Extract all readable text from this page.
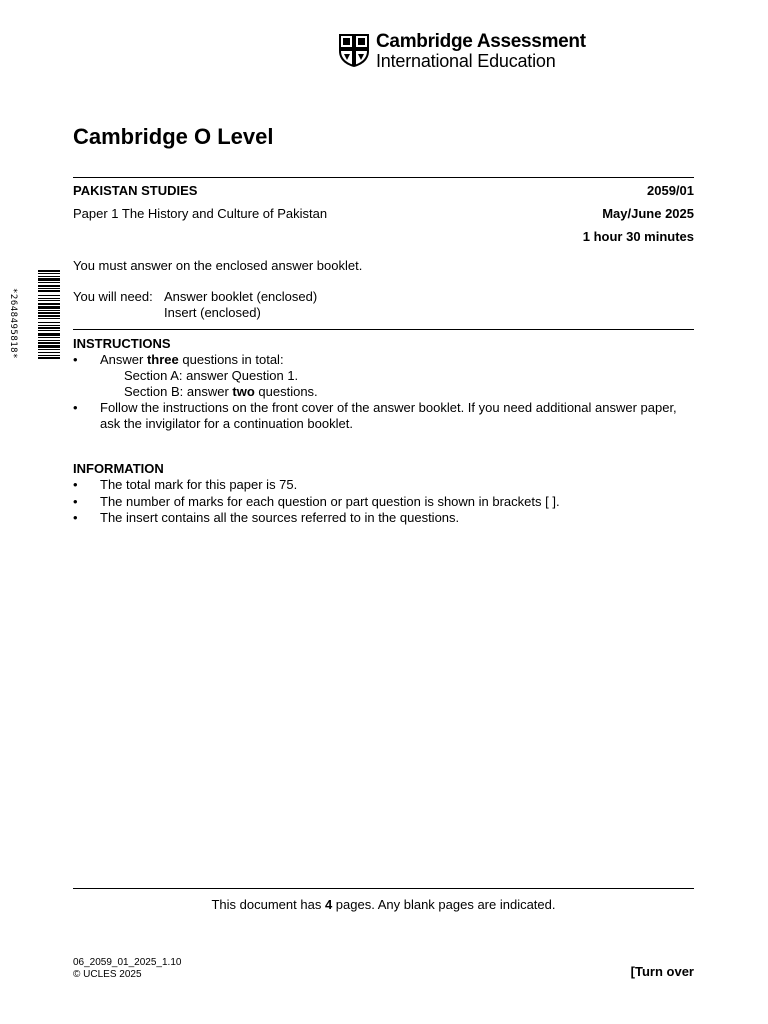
Cambridge Assessment
International Education
Cambridge O Level
PAKISTAN STUDIES	2059/01
Paper 1 The History and Culture of Pakistan	May/June 2025
1 hour 30 minutes
You must answer on the enclosed answer booklet.
You will need: Answer booklet (enclosed)
Insert (enclosed)
*2648495818*	INSTRUCTIONS
• Answer three questions in total:
Section A: answer Question 1.
Section B: answer two questions.
• Follow the instructions on the front cover of the answer booklet. If you need additional answer paper,
ask the invigilator for a continuation booklet.
INFORMATION
• The total mark for this paper is 75.
• The number of marks for each question or part question is shown in brackets [ ].
• The insert contains all the sources referred to in the questions.
This document has 4 pages. Any blank pages are indicated.
06_2059_01_2025_1.10
© UCLES 2025	[Turn over
